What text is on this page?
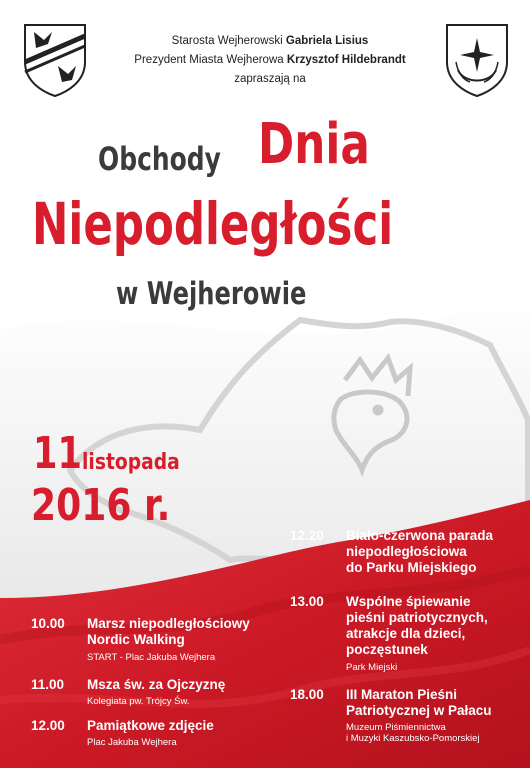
Starosta Wejherowski Gabriela Lisius
Prezydent Miasta Wejherowa Krzysztof Hildebrandt
zapraszają na
Obchody Dnia
Niepodległości
w Wejherowie
11 listopada
2016 r.
10.00 Marsz niepodległościowy
Nordic Walking
START - Plac Jakuba Wejhera
11.00 Msza św. za Ojczyznę
Kolegiata pw. Trójcy Św.
12.00 Pamiątkowe zdjęcie
Plac Jakuba Wejhera
12.20 Biało-czerwona parada
niepodległościowa
do Parku Miejskiego
13.00 Wspólne śpiewanie
pieśni patriotycznych,
atrakcje dla dzieci,
poczęstunek
Park Miejski
18.00 III Maraton Pieśni
Patriotycznej w Pałacu
Muzeum Piśmiennictwa
i Muzyki Kaszubsko-Pomorskiej
